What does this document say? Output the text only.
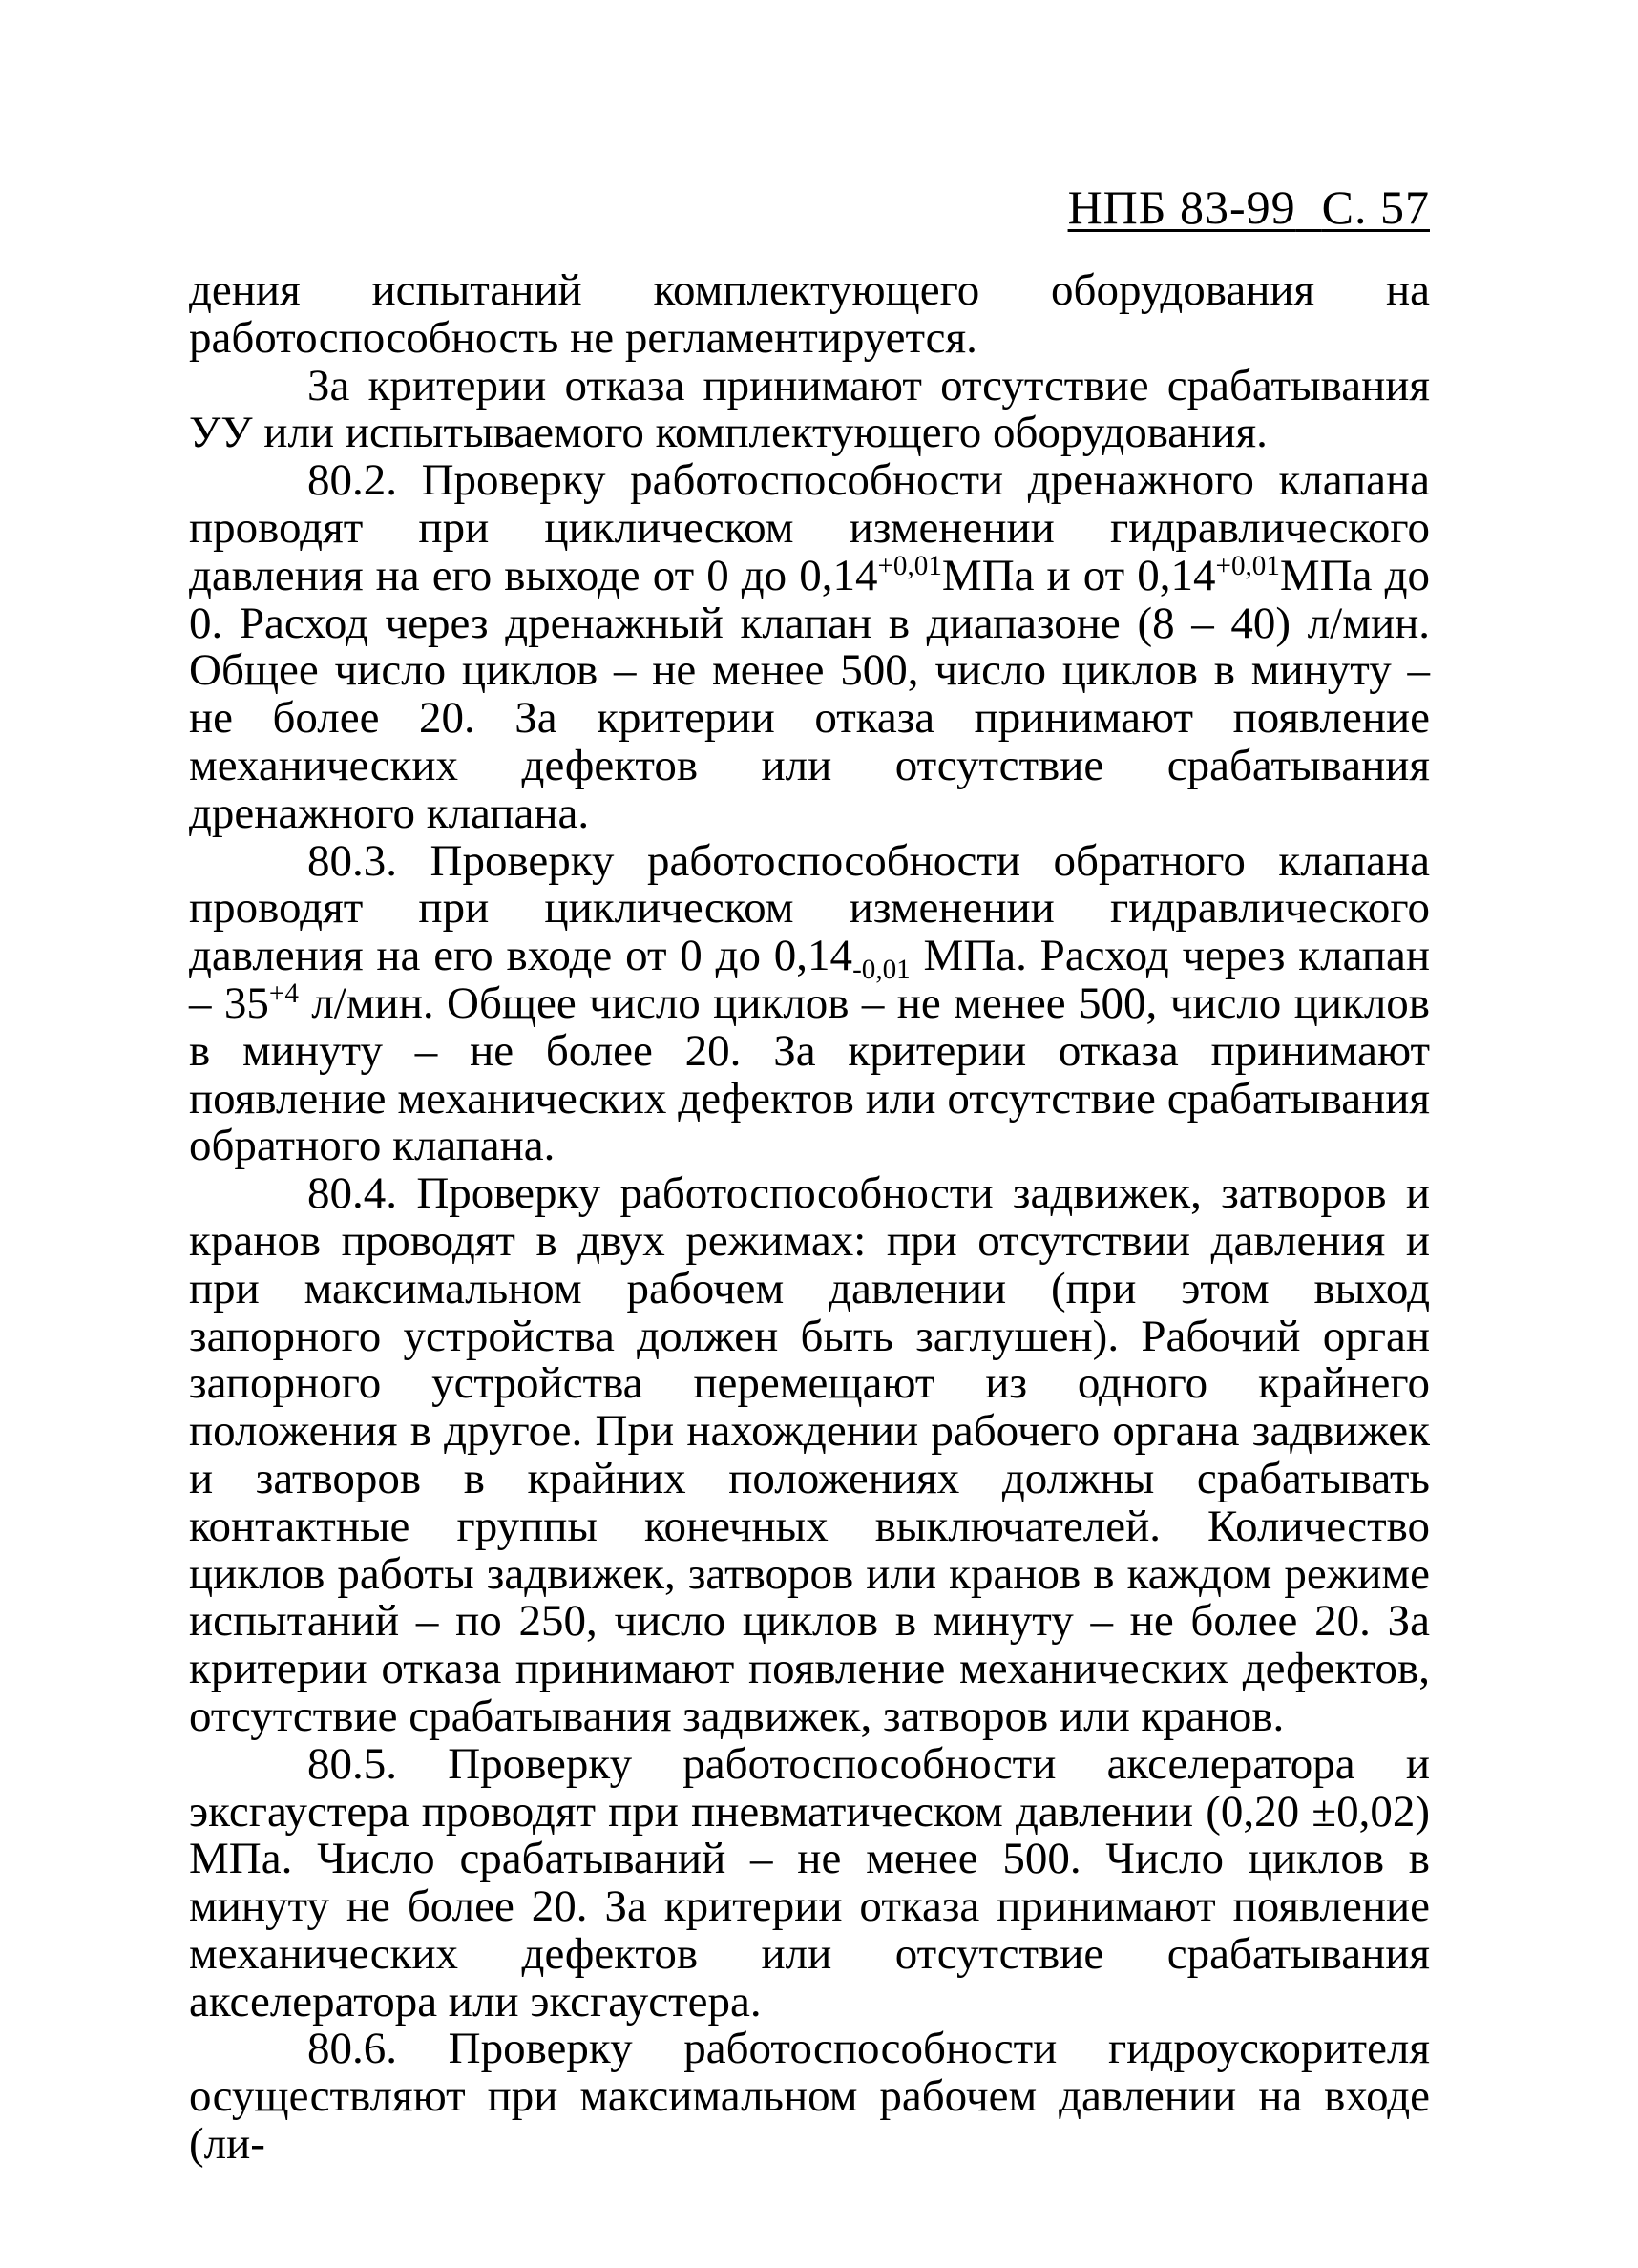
НПБ 83-99 С. 57

дения испытаний комплектующего оборудования на работоспособность не регламентируется.

За критерии отказа принимают отсутствие срабатывания УУ или испытываемого комплектующего оборудования.

80.2. Проверку работоспособности дренажного клапана проводят при циклическом изменении гидравлического давления на его выходе от 0 до $0,14^{+0,01}МПа$ и от $0,14^{+0,01}МПа$ до 0. Расход через дренажный клапан в диапазоне (8 – 40) л/мин. Общее число циклов – не менее 500, число циклов в минуту – не более 20. За критерии отказа принимают появление механических дефектов или отсутствие срабатывания дренажного клапана.

80.3. Проверку работоспособности обратного клапана проводят при циклическом изменении гидравлического давления на его входе от 0 до $0,14_{-0,01}$ МПа. Расход через клапан – $35^{+4}$ л/мин. Общее число циклов – не менее 500, число циклов в минуту – не более 20. За критерии отказа принимают появление механических дефектов или отсутствие срабатывания обратного клапана.

80.4. Проверку работоспособности задвижек, затворов и кранов проводят в двух режимах: при отсутствии давления и при максимальном рабочем давлении (при этом выход запорного устройства должен быть заглушен). Рабочий орган запорного устройства перемещают из одного крайнего положения в другое. При нахождении рабочего органа задвижек и затворов в крайних положениях должны срабатывать контактные группы конечных выключателей. Количество циклов работы задвижек, затворов или кранов в каждом режиме испытаний – по 250, число циклов в минуту – не более 20. За критерии отказа принимают появление механических дефектов, отсутствие срабатывания задвижек, затворов или кранов.

80.5. Проверку работоспособности акселератора и эксгаустера проводят при пневматическом давлении (0,20 ±0,02) МПа. Число срабатываний – не менее 500. Число циклов в минуту не более 20. За критерии отказа принимают появление механических дефектов или отсутствие срабатывания акселератора или эксгаустера.

80.6. Проверку работоспособности гидроускорителя осуществляют при максимальном рабочем давлении на входе (ли-
